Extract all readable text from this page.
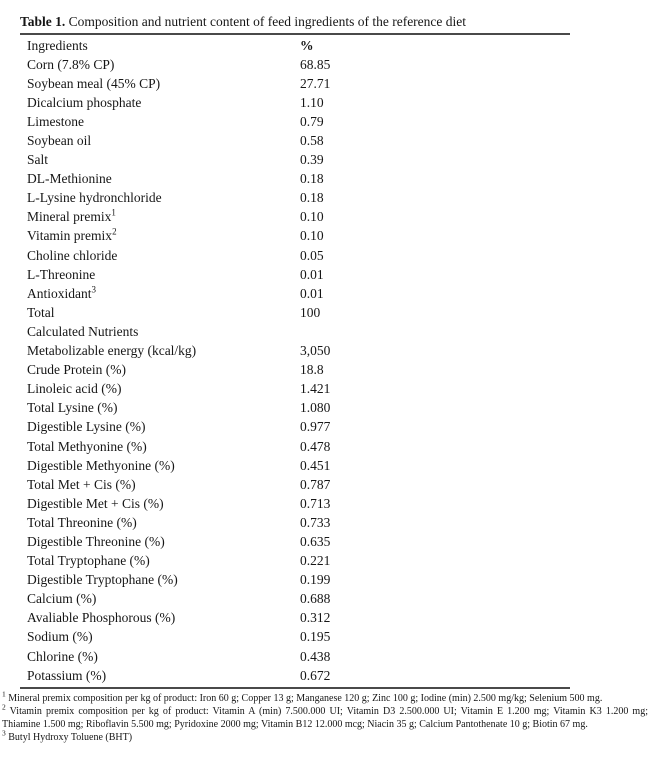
Table 1. Composition and nutrient content of feed ingredients of the reference diet

Ingredients	%
Corn (7.8% CP)	68.85
Soybean meal (45% CP)	27.71
Dicalcium phosphate	1.10
Limestone	0.79
Soybean oil	0.58
Salt	0.39
DL-Methionine	0.18
L-Lysine hydronchloride	0.18
Mineral premix$^1$	0.10
Vitamin premix$^2$	0.10
Choline chloride	0.05
L-Threonine	0.01
Antioxidant$^3$	0.01
Total	100
Calculated Nutrients
Metabolizable energy (kcal/kg)	3,050
Crude Protein (%)	18.8
Linoleic acid (%)	1.421
Total Lysine (%)	1.080
Digestible Lysine (%)	0.977
Total Methyonine (%)	0.478
Digestible Methyonine (%)	0.451
Total Met + Cis (%)	0.787
Digestible Met + Cis (%)	0.713
Total Threonine (%)	0.733
Digestible Threonine (%)	0.635
Total Tryptophane (%)	0.221
Digestible Tryptophane (%)	0.199
Calcium (%)	0.688
Avaliable Phosphorous (%)	0.312
Sodium (%)	0.195
Chlorine (%)	0.438
Potassium (%)	0.672

$^1$ Mineral premix composition per kg of product: Iron 60 g; Copper 13 g; Manganese 120 g; Zinc 100 g; Iodine (min) 2.500 mg/kg; Selenium 500 mg.

$^2$ Vitamin premix composition per kg of product: Vitamin A (min) 7.500.000 UI; Vitamin D3 2.500.000 UI; Vitamin E 1.200 mg; Vitamin K3 1.200 mg; Thiamine 1.500 mg; Riboflavin 5.500 mg; Pyridoxine 2000 mg; Vitamin B12 12.000 mcg; Niacin 35 g; Calcium Pantothenate 10 g; Biotin 67 mg.

$^3$ Butyl Hydroxy Toluene (BHT)
